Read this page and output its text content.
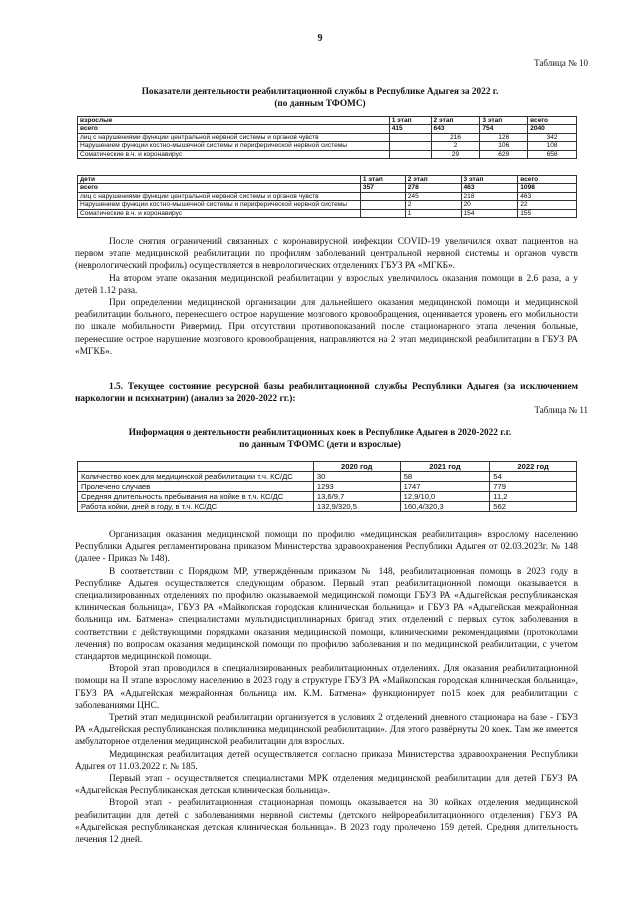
9
Таблица № 10
Показатели деятельности реабилитационной службы в Республике Адыгея за 2022 г.
(по данным ТФОМС)
взрослые	1 этап	2 этап	3 этап	всего
всего	415	643	754	2040
лиц с нарушениями функции центральной нервной системы и органов чувств		216	126	342
Нарушением функции костно-мышечной системы и периферической нервной системы		2	106	108
Соматические в.ч. и коронавирус		29	629	658
дети	1 этап	2 этап	3 этап	всего
всего	357	278	463	1098
лиц с нарушениями функции центральной нервной системы и органов чувств		245	218	463
Нарушением функции костно-мышечной системы и периферической нервной системы		2	20	22
Соматические в.ч. и коронавирус		1	154	155

После снятия ограничений связанных с коронавирусной инфекции COVID-19 увеличился охват пациентов на первом этапе медицинской реабилитации по профилям заболеваний центральной нервной системы и органов чувств (неврологический профиль) осуществляется в неврологических отделениях ГБУЗ РА «МГКБ».

На втором этапе оказания медицинской реабилитации у взрослых увеличилось оказания помощи в 2.6 раза, а у детей 1.12 раза.

При определении медицинской организации для дальнейшего оказания медицинской помощи и медицинской реабилитации больного, перенесшего острое нарушение мозгового кровообращения, оценивается уровень его мобильности по шкале мобильности Ривермид. При отсутствии противопоказаний после стационарного этапа лечения больные, перенесшие острое нарушение мозгового кровообращения, направляются на 2 этап медицинской реабилитации в ГБУЗ РА «МГКБ».

1.5. Текущее состояние ресурсной базы реабилитационной службы Республики Адыгея (за исключением наркологии и психиатрии) (анализ за 2020-2022 гг.):
Таблица № 11
Информация о деятельности реабилитационных коек в Республике Адыгея в 2020-2022 г.г.
по данным ТФОМС (дети и взрослые)
	2020 год	2021 год	2022 год
Количество коек для медицинской реабилитации т.ч. КС/ДС	30	58	54
Пролечено случаев	1293	1747	779
Средняя длительность пребывания на койке в т.ч. КС/ДС	13,6/9,7	12,9/10,0	11,2
Работа койки, дней в году, в т.ч. КС/ДС	132,9/320,5	160,4/320,3	562

Организация оказания медицинской помощи по профилю «медицинская реабилитация» взрослому населению Республики Адыгея регламентирована приказом Министерства здравоохранения Республики Адыгея от 02.03.2023г. № 148 (далее - Приказ № 148).

В соответствии с Порядком МР, утверждённым приказом № 148, реабилитационная помощь в 2023 году в Республике Адыгея осуществляется следующим образом. Первый этап реабилитационной помощи оказывается в специализированных отделениях по профилю оказываемой медицинской помощи ГБУЗ РА «Адыгейская республиканская клиническая больница», ГБУЗ РА «Майкопская городская клиническая больница» и ГБУЗ РА «Адыгейская межрайонная больница им. Батмена» специалистами мультидисциплинарных бригад этих отделений с первых суток заболевания в соответствии с действующими порядками оказания медицинской помощи, клиническими рекомендациями (протоколами лечения) по вопросам оказания медицинской помощи по профилю заболевания и по медицинской реабилитации, с учетом стандартов медицинской помощи.

Второй этап проводился в специализированных реабилитационных отделениях. Для оказания реабилитационной помощи на II этапе взрослому населению в 2023 году в структуре ГБУЗ РА «Майкопская городская клиническая больница», ГБУЗ РА «Адыгейская межрайонная больница им. К.М. Батмена» функционирует по15 коек для реабилитации с заболеваниями ЦНС.

Третий этап медицинской реабилитации организуется в условиях 2 отделений дневного стационара на базе - ГБУЗ РА «Адыгейская республиканская поликлиника медицинской реабилитации». Для этого развёрнуты 20 коек. Там же имеется амбулаторное отделения медицинской реабилитации для взрослых.

Медицинская реабилитация детей осуществляется согласно приказа Министерства здравоохранения Республики Адыгея от 11.03.2022 г. № 185.

Первый этап - осуществляется специалистами МРК отделения медицинской реабилитации для детей ГБУЗ РА «Адыгейская Республиканская детская клиническая больница».

Второй этап - реабилитационная стационарная помощь оказывается на 30 койках отделения медицинской реабилитации для детей с заболеваниями нервной системы (детского нейрореабилитационного отделения) ГБУЗ РА «Адыгейская республиканская детская клиническая больница». В 2023 году пролечено 159 детей. Средняя длительность лечения 12 дней.
